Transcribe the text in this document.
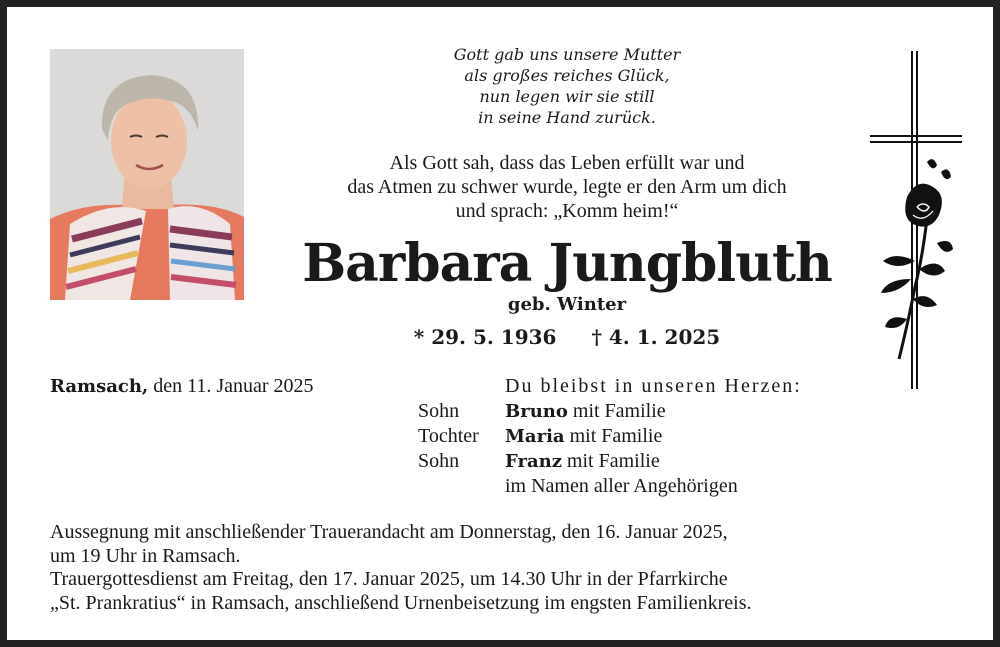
Gott gab uns unsere Mutter
als großes reiches Glück,
nun legen wir sie still
in seine Hand zurück.
Als Gott sah, dass das Leben erfüllt war und
das Atmen zu schwer wurde, legte er den Arm um dich
und sprach: „Komm heim!“
Barbara Jungbluth
geb. Winter
* 29. 5. 1936 † 4. 1. 2025
Ramsach, den 11. Januar 2025	Du bleibst in unseren Herzen:
Sohn	Bruno mit Familie
Tochter	Maria mit Familie
Sohn	Franz mit Familie
im Namen aller Angehörigen
Aussegnung mit anschließender Trauerandacht am Donnerstag, den 16. Januar 2025,
um 19 Uhr in Ramsach.
Trauergottesdienst am Freitag, den 17. Januar 2025, um 14.30 Uhr in der Pfarrkirche
„St. Prankratius“ in Ramsach, anschließend Urnenbeisetzung im engsten Familienkreis.
